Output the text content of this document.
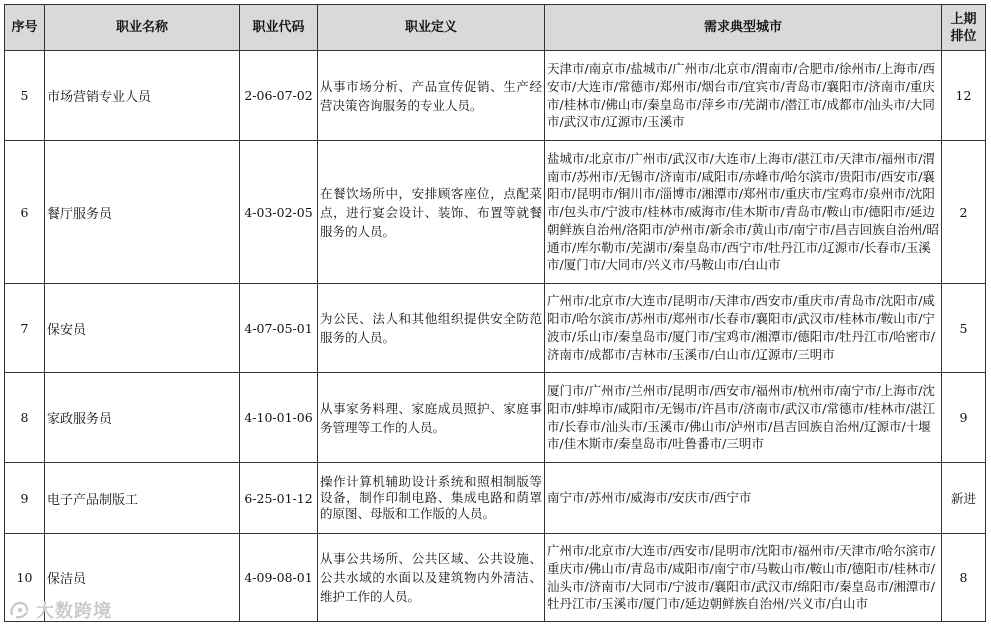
序号	职业名称	职业代码	职业定义	需求典型城市	上期
排位
5	市场营销专业人员	2-06-07-02	从事市场分析、产品宣传促销、生产经营决策咨询服务的专业人员。	天津市/南京市/盐城市/广州市/北京市/渭南市/合肥市/徐州市/上海市/西安市/大连市/常德市/郑州市/烟台市/宜宾市/青岛市/襄阳市/济南市/重庆市/桂林市/佛山市/秦皇岛市/萍乡市/芜湖市/潜江市/成都市/汕头市/大同市/武汉市/辽源市/玉溪市	12
6	餐厅服务员	4-03-02-05	在餐饮场所中，安排顾客座位，点配菜点，进行宴会设计、装饰、布置等就餐服务的人员。	盐城市/北京市/广州市/武汉市/大连市/上海市/湛江市/天津市/福州市/渭南市/苏州市/无锡市/济南市/咸阳市/赤峰市/哈尔滨市/贵阳市/西安市/襄阳市/昆明市/铜川市/淄博市/湘潭市/郑州市/重庆市/宝鸡市/泉州市/沈阳市/包头市/宁波市/桂林市/威海市/佳木斯市/青岛市/鞍山市/德阳市/延边朝鲜族自治州/洛阳市/泸州市/新余市/黄山市/南宁市/昌吉回族自治州/昭通市/库尔勒市/芜湖市/秦皇岛市/西宁市/牡丹江市/辽源市/长春市/玉溪市/厦门市/大同市/兴义市/马鞍山市/白山市	2
7	保安员	4-07-05-01	为公民、法人和其他组织提供安全防范服务的人员。	广州市/北京市/大连市/昆明市/天津市/西安市/重庆市/青岛市/沈阳市/咸阳市/哈尔滨市/苏州市/郑州市/长春市/襄阳市/武汉市/桂林市/鞍山市/宁波市/乐山市/秦皇岛市/厦门市/宝鸡市/湘潭市/德阳市/牡丹江市/哈密市/济南市/成都市/吉林市/玉溪市/白山市/辽源市/三明市	5
8	家政服务员	4-10-01-06	从事家务料理、家庭成员照护、家庭事务管理等工作的人员。	厦门市/广州市/兰州市/昆明市/西安市/福州市/杭州市/南宁市/上海市/沈阳市/蚌埠市/咸阳市/无锡市/许昌市/济南市/武汉市/常德市/桂林市/湛江市/长春市/汕头市/玉溪市/佛山市/泸州市/昌吉回族自治州/辽源市/十堰市/佳木斯市/秦皇岛市/吐鲁番市/三明市	9
9	电子产品制版工	6-25-01-12	操作计算机辅助设计系统和照相制版等设备，制作印制电路、集成电路和荫罩的原图、母版和工作版的人员。	南宁市/苏州市/威海市/安庆市/西宁市	新进
10	保洁员	4-09-08-01	从事公共场所、公共区域、公共设施、公共水域的水面以及建筑物内外清洁、维护工作的人员。	广州市/北京市/大连市/西安市/昆明市/沈阳市/福州市/天津市/哈尔滨市/重庆市/佛山市/青岛市/咸阳市/南宁市/马鞍山市/鞍山市/德阳市/桂林市/汕头市/济南市/大同市/宁波市/襄阳市/武汉市/绵阳市/秦皇岛市/湘潭市/牡丹江市/玉溪市/厦门市/延边朝鲜族自治州/兴义市/白山市	8
大数跨境
